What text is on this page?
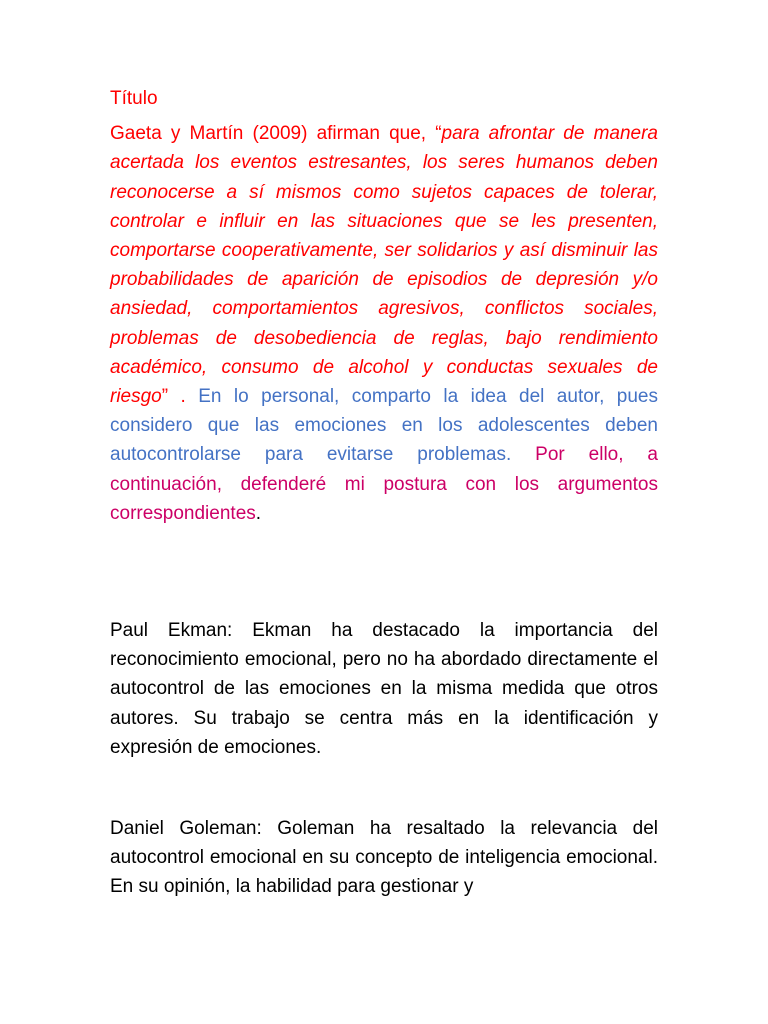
Título

Gaeta y Martín (2009) afirman que, “para afrontar de manera acertada los eventos estresantes, los seres humanos deben reconocerse a sí mismos como sujetos capaces de tolerar, controlar e influir en las situaciones que se les presenten, comportarse cooperativamente, ser solidarios y así disminuir las probabilidades de aparición de episodios de depresión y/o ansiedad, comportamientos agresivos, conflictos sociales, problemas de desobediencia de reglas, bajo rendimiento académico, consumo de alcohol y conductas sexuales de riesgo” . En lo personal, comparto la idea del autor, pues considero que las emociones en los adolescentes deben autocontrolarse para evitarse problemas. Por ello, a continuación, defenderé mi postura con los argumentos correspondientes.

Paul Ekman: Ekman ha destacado la importancia del reconocimiento emocional, pero no ha abordado directamente el autocontrol de las emociones en la misma medida que otros autores. Su trabajo se centra más en la identificación y expresión de emociones.

Daniel Goleman: Goleman ha resaltado la relevancia del autocontrol emocional en su concepto de inteligencia emocional. En su opinión, la habilidad para gestionar y
